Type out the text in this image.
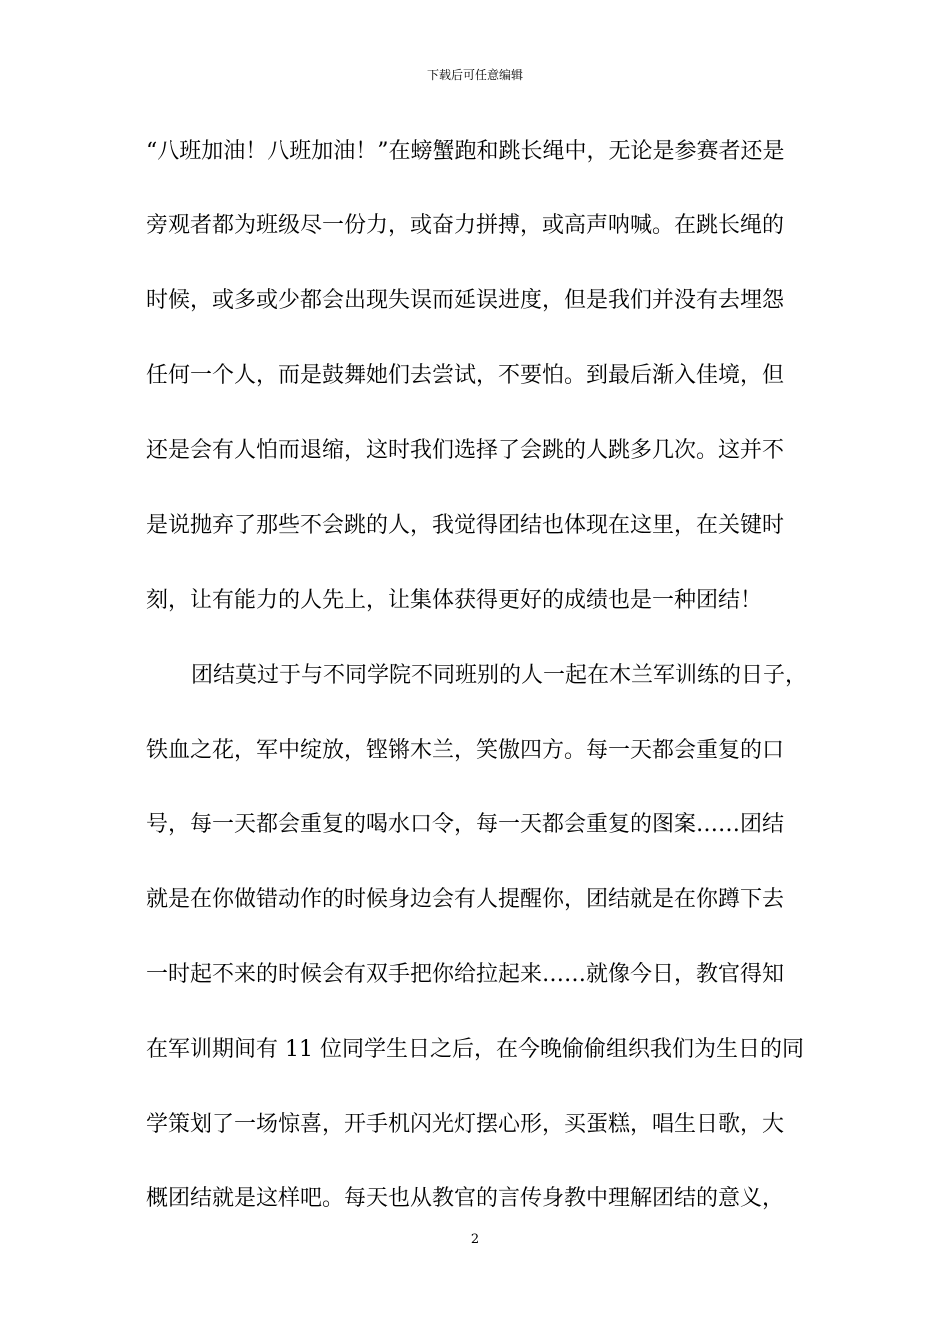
下载后可任意编辑
“八班加油！八班加油！”在螃蟹跑和跳长绳中，无论是参赛者还是
旁观者都为班级尽一份力，或奋力拼搏，或高声呐喊。在跳长绳的
时候，或多或少都会出现失误而延误进度，但是我们并没有去埋怨
任何一个人，而是鼓舞她们去尝试，不要怕。到最后渐入佳境，但
还是会有人怕而退缩，这时我们选择了会跳的人跳多几次。这并不
是说抛弃了那些不会跳的人，我觉得团结也体现在这里，在关键时
刻，让有能力的人先上，让集体获得更好的成绩也是一种团结！
团结莫过于与不同学院不同班别的人一起在木兰军训练的日子，
铁血之花，军中绽放，铿锵木兰，笑傲四方。每一天都会重复的口
号，每一天都会重复的喝水口令，每一天都会重复的图案……团结
就是在你做错动作的时候身边会有人提醒你，团结就是在你蹲下去
一时起不来的时候会有双手把你给拉起来……就像今日，教官得知
在军训期间有 11 位同学生日之后，在今晚偷偷组织我们为生日的同
学策划了一场惊喜，开手机闪光灯摆心形，买蛋糕，唱生日歌，大
概团结就是这样吧。每天也从教官的言传身教中理解团结的意义，
2
